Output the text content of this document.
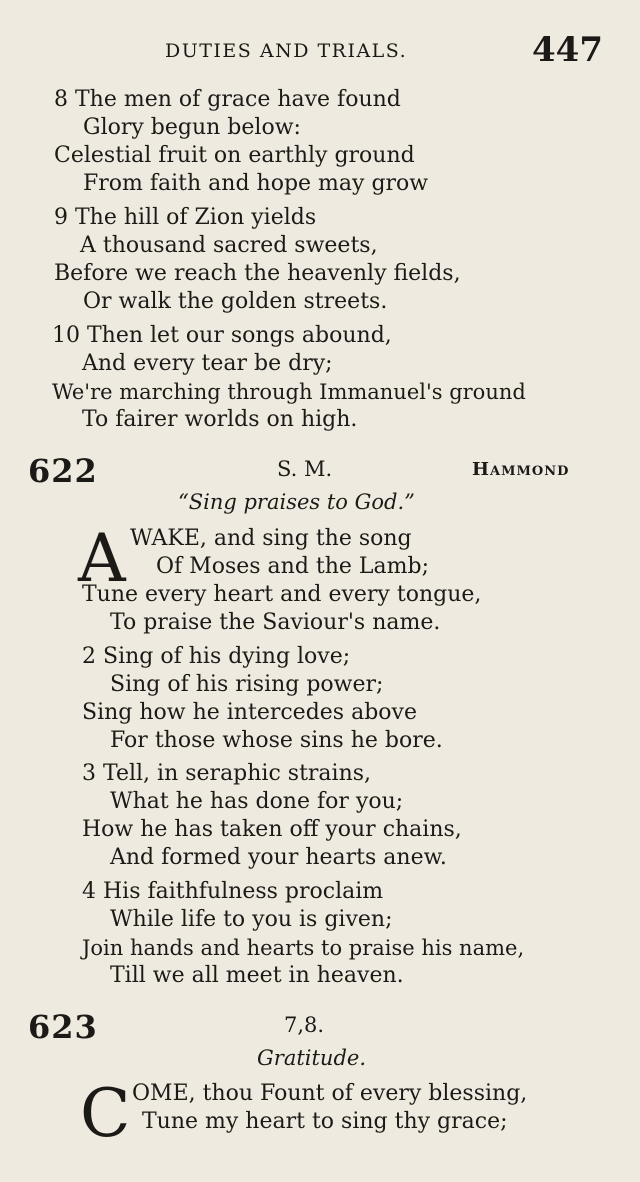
DUTIES AND TRIALS.	447
8 The men of grace have found
Glory begun below:
Celestial fruit on earthly ground
From faith and hope may grow
9 The hill of Zion yields
A thousand sacred sweets,
Before we reach the heavenly fields,
Or walk the golden streets.
10 Then let our songs abound,
And every tear be dry;
We're marching through Immanuel's ground
To fairer worlds on high.
622	S. M.	Hammond
“Sing praises to God.”
A WAKE, and sing the song
Of Moses and the Lamb;
Tune every heart and every tongue,
To praise the Saviour's name.
2 Sing of his dying love;
Sing of his rising power;
Sing how he intercedes above
For those whose sins he bore.
3 Tell, in seraphic strains,
What he has done for you;
How he has taken off your chains,
And formed your hearts anew.
4 His faithfulness proclaim
While life to you is given;
Join hands and hearts to praise his name,
Till we all meet in heaven.
623	7,8.
Gratitude.
C OME, thou Fount of every blessing,
Tune my heart to sing thy grace;
